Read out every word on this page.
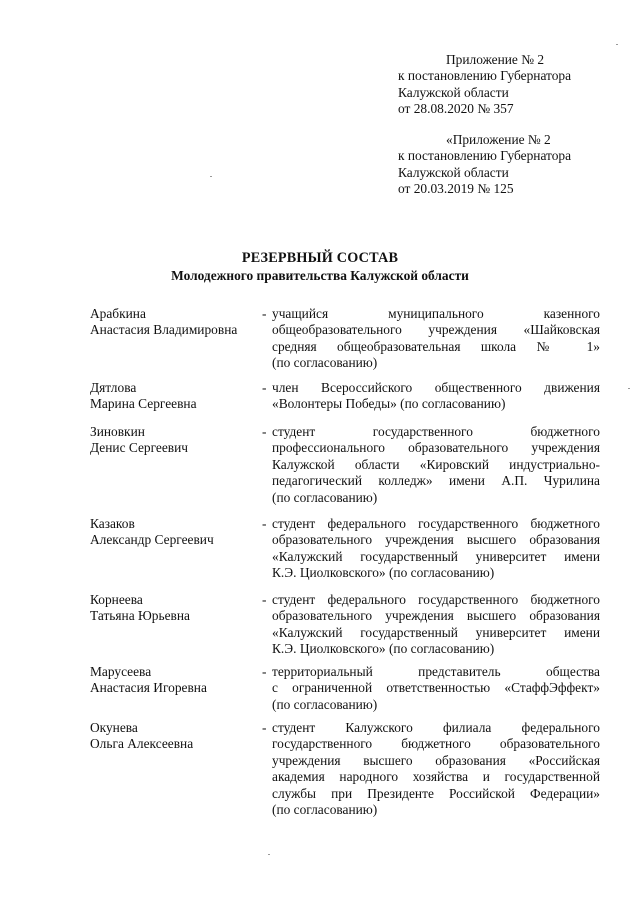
Приложение № 2
к постановлению Губернатора
Калужской области
от 28.08.2020 № 357
«Приложение № 2
к постановлению Губернатора
Калужской области
от 20.03.2019 № 125
РЕЗЕРВНЫЙ СОСТАВ
Молодежного правительства Калужской области
Арабкина
Анастасия Владимировна
- учащийся муниципального казенного
общеобразовательного учреждения «Шайковская
средняя общеобразовательная школа № 1»
(по согласованию)
Дятлова
Марина Сергеевна
- член Всероссийского общественного движения
«Волонтеры Победы» (по согласованию)
Зиновкин
Денис Сергеевич
- студент государственного бюджетного
профессионального образовательного учреждения
Калужской области «Кировский индустриально-
педагогический колледж» имени А.П. Чурилина
(по согласованию)
Казаков
Александр Сергеевич
- студент федерального государственного бюджетного
образовательного учреждения высшего образования
«Калужский государственный университет имени
К.Э. Циолковского» (по согласованию)
Корнеева
Татьяна Юрьевна
- студент федерального государственного бюджетного
образовательного учреждения высшего образования
«Калужский государственный университет имени
К.Э. Циолковского» (по согласованию)
Марусеева
Анастасия Игоревна
- территориальный представитель общества
с ограниченной ответственностью «СтаффЭффект»
(по согласованию)
Окунева
Ольга Алексеевна
- студент Калужского филиала федерального
государственного бюджетного образовательного
учреждения высшего образования «Российская
академия народного хозяйства и государственной
службы при Президенте Российской Федерации»
(по согласованию)
